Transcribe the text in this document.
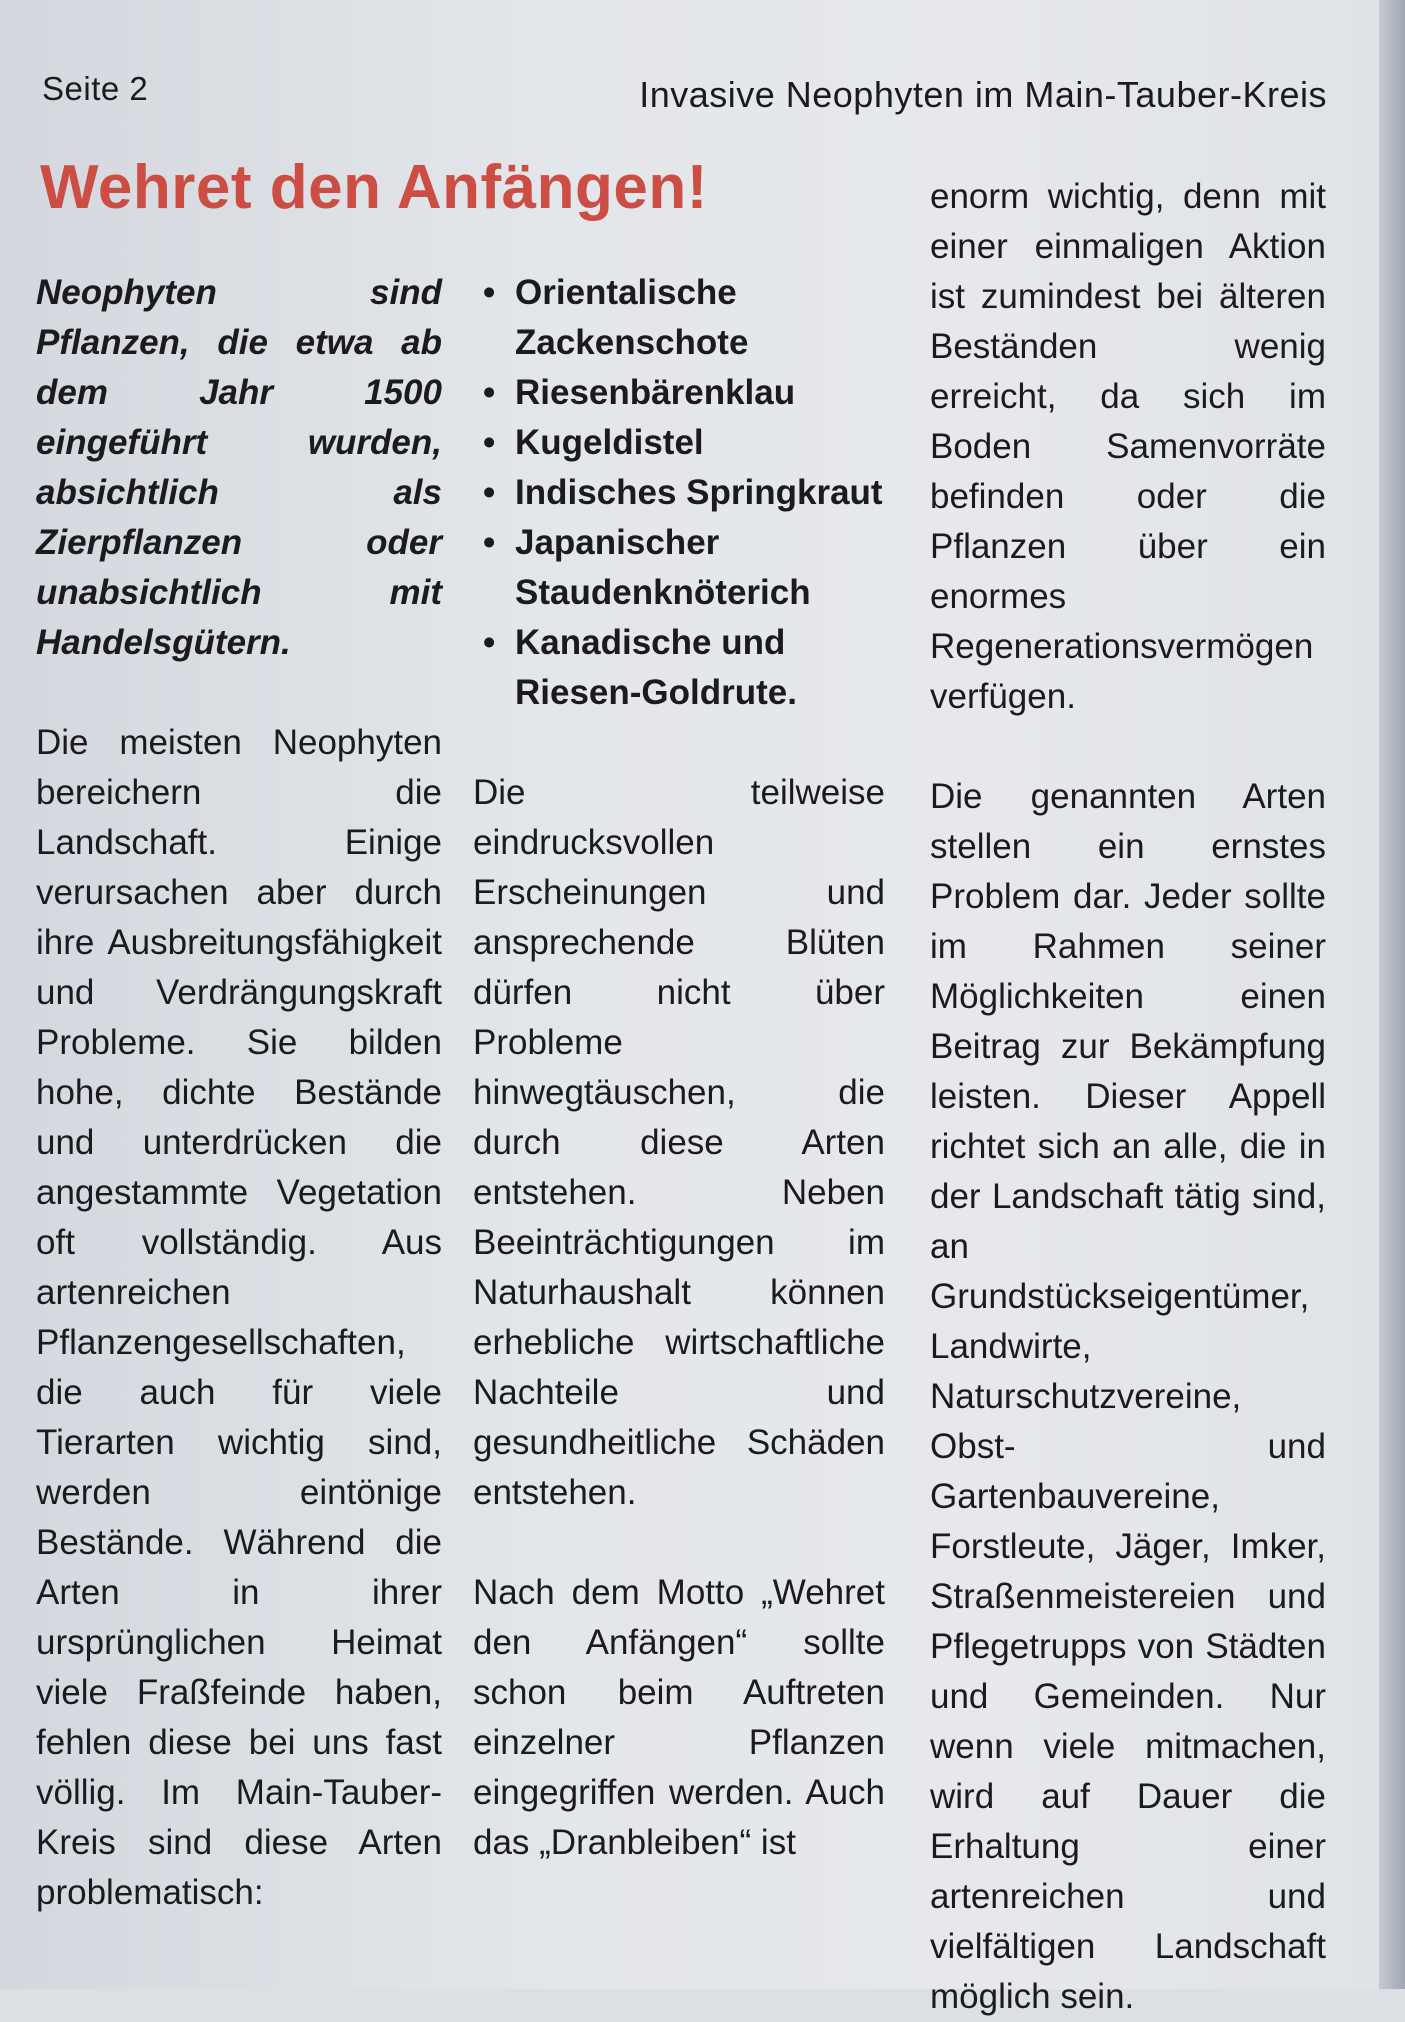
Seite 2	Invasive Neophyten im Main-Tauber-Kreis
Wehret den Anfängen!

Neophyten sind Pflanzen, die etwa ab dem Jahr 1500 eingeführt wurden, absichtlich als Zierpflanzen oder unabsichtlich mit Handelsgütern.

Die meisten Neophyten bereichern die Landschaft. Einige verursachen aber durch ihre Ausbreitungsfähigkeit und Verdrängungskraft Probleme. Sie bilden hohe, dichte Bestände und unterdrücken die angestammte Vegetation oft vollständig. Aus artenreichen Pflanzengesellschaften, die auch für viele Tierarten wichtig sind, werden eintönige Bestände. Während die Arten in ihrer ursprünglichen Heimat viele Fraßfeinde haben, fehlen diese bei uns fast völlig. Im Main-Tauber-Kreis sind diese Arten problematisch:

• Orientalische Zackenschote
• Riesenbärenklau
• Kugeldistel
• Indisches Springkraut
• Japanischer Staudenknöterich
• Kanadische und Riesen-Goldrute.

Die teilweise eindrucksvollen Erscheinungen und ansprechende Blüten dürfen nicht über Probleme hinwegtäuschen, die durch diese Arten entstehen. Neben Beeinträchtigungen im Naturhaushalt können erhebliche wirtschaftliche Nachteile und gesundheitliche Schäden entstehen.

Nach dem Motto „Wehret den Anfängen“ sollte schon beim Auftreten einzelner Pflanzen eingegriffen werden. Auch das „Dranbleiben“ ist

enorm wichtig, denn mit einer einmaligen Aktion ist zumindest bei älteren Beständen wenig erreicht, da sich im Boden Samenvorräte befinden oder die Pflanzen über ein enormes Regenerationsvermögen verfügen.

Die genannten Arten stellen ein ernstes Problem dar. Jeder sollte im Rahmen seiner Möglichkeiten einen Beitrag zur Bekämpfung leisten. Dieser Appell richtet sich an alle, die in der Landschaft tätig sind, an Grundstückseigentümer, Landwirte, Naturschutzvereine, Obst- und Gartenbauvereine, Forstleute, Jäger, Imker, Straßenmeistereien und Pflegetrupps von Städten und Gemeinden. Nur wenn viele mitmachen, wird auf Dauer die Erhaltung einer artenreichen und vielfältigen Landschaft möglich sein.
